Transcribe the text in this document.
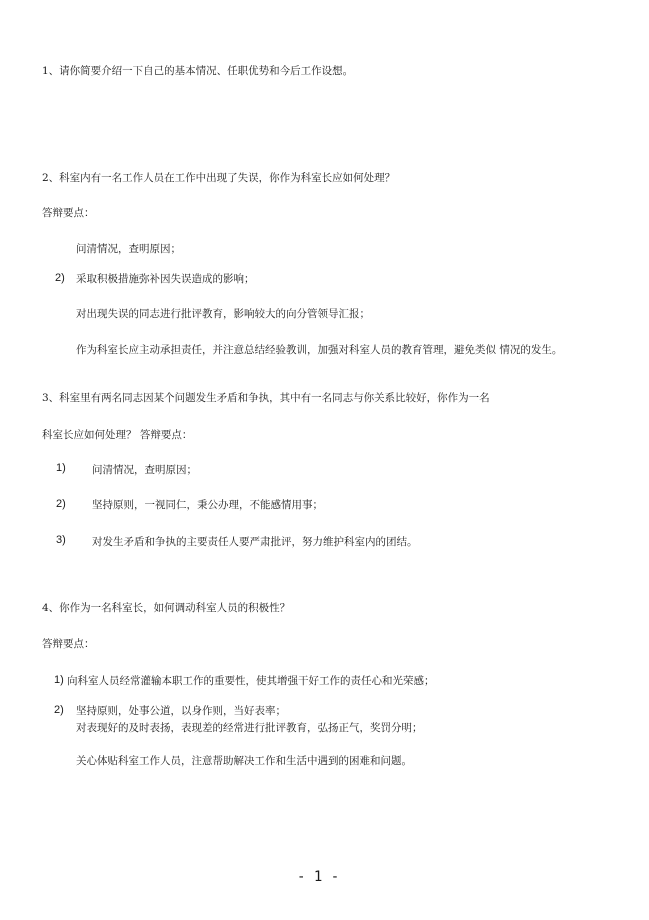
1、请你简要介绍一下自己的基本情况、任职优势和今后工作设想。
2、科室内有一名工作人员在工作中出现了失误，你作为科室长应如何处理？
答辩要点：
问清情况，查明原因；
2) 采取积极措施弥补因失误造成的影响；
对出现失误的同志进行批评教育，影响较大的向分管领导汇报；
作为科室长应主动承担责任，并注意总结经验教训，加强对科室人员的教育管理，避免类似 情况的发生。
3、科室里有两名同志因某个问题发生矛盾和争执，其中有一名同志与你关系比较好，你作为一名
科室长应如何处理？ 答辩要点：
1) 问清情况，查明原因；
2) 坚持原则，一视同仁，秉公办理，不能感情用事；
3) 对发生矛盾和争执的主要责任人要严肃批评，努力维护科室内的团结。
4、你作为一名科室长，如何调动科室人员的积极性？
答辩要点：
1) 向科室人员经常灌输本职工作的重要性，使其增强干好工作的责任心和光荣感；
2) 坚持原则，处事公道，以身作则，当好表率；
对表现好的及时表扬，表现差的经常进行批评教育，弘扬正气，奖罚分明；
关心体贴科室工作人员，注意帮助解决工作和生活中遇到的困难和问题。
- 1 -
